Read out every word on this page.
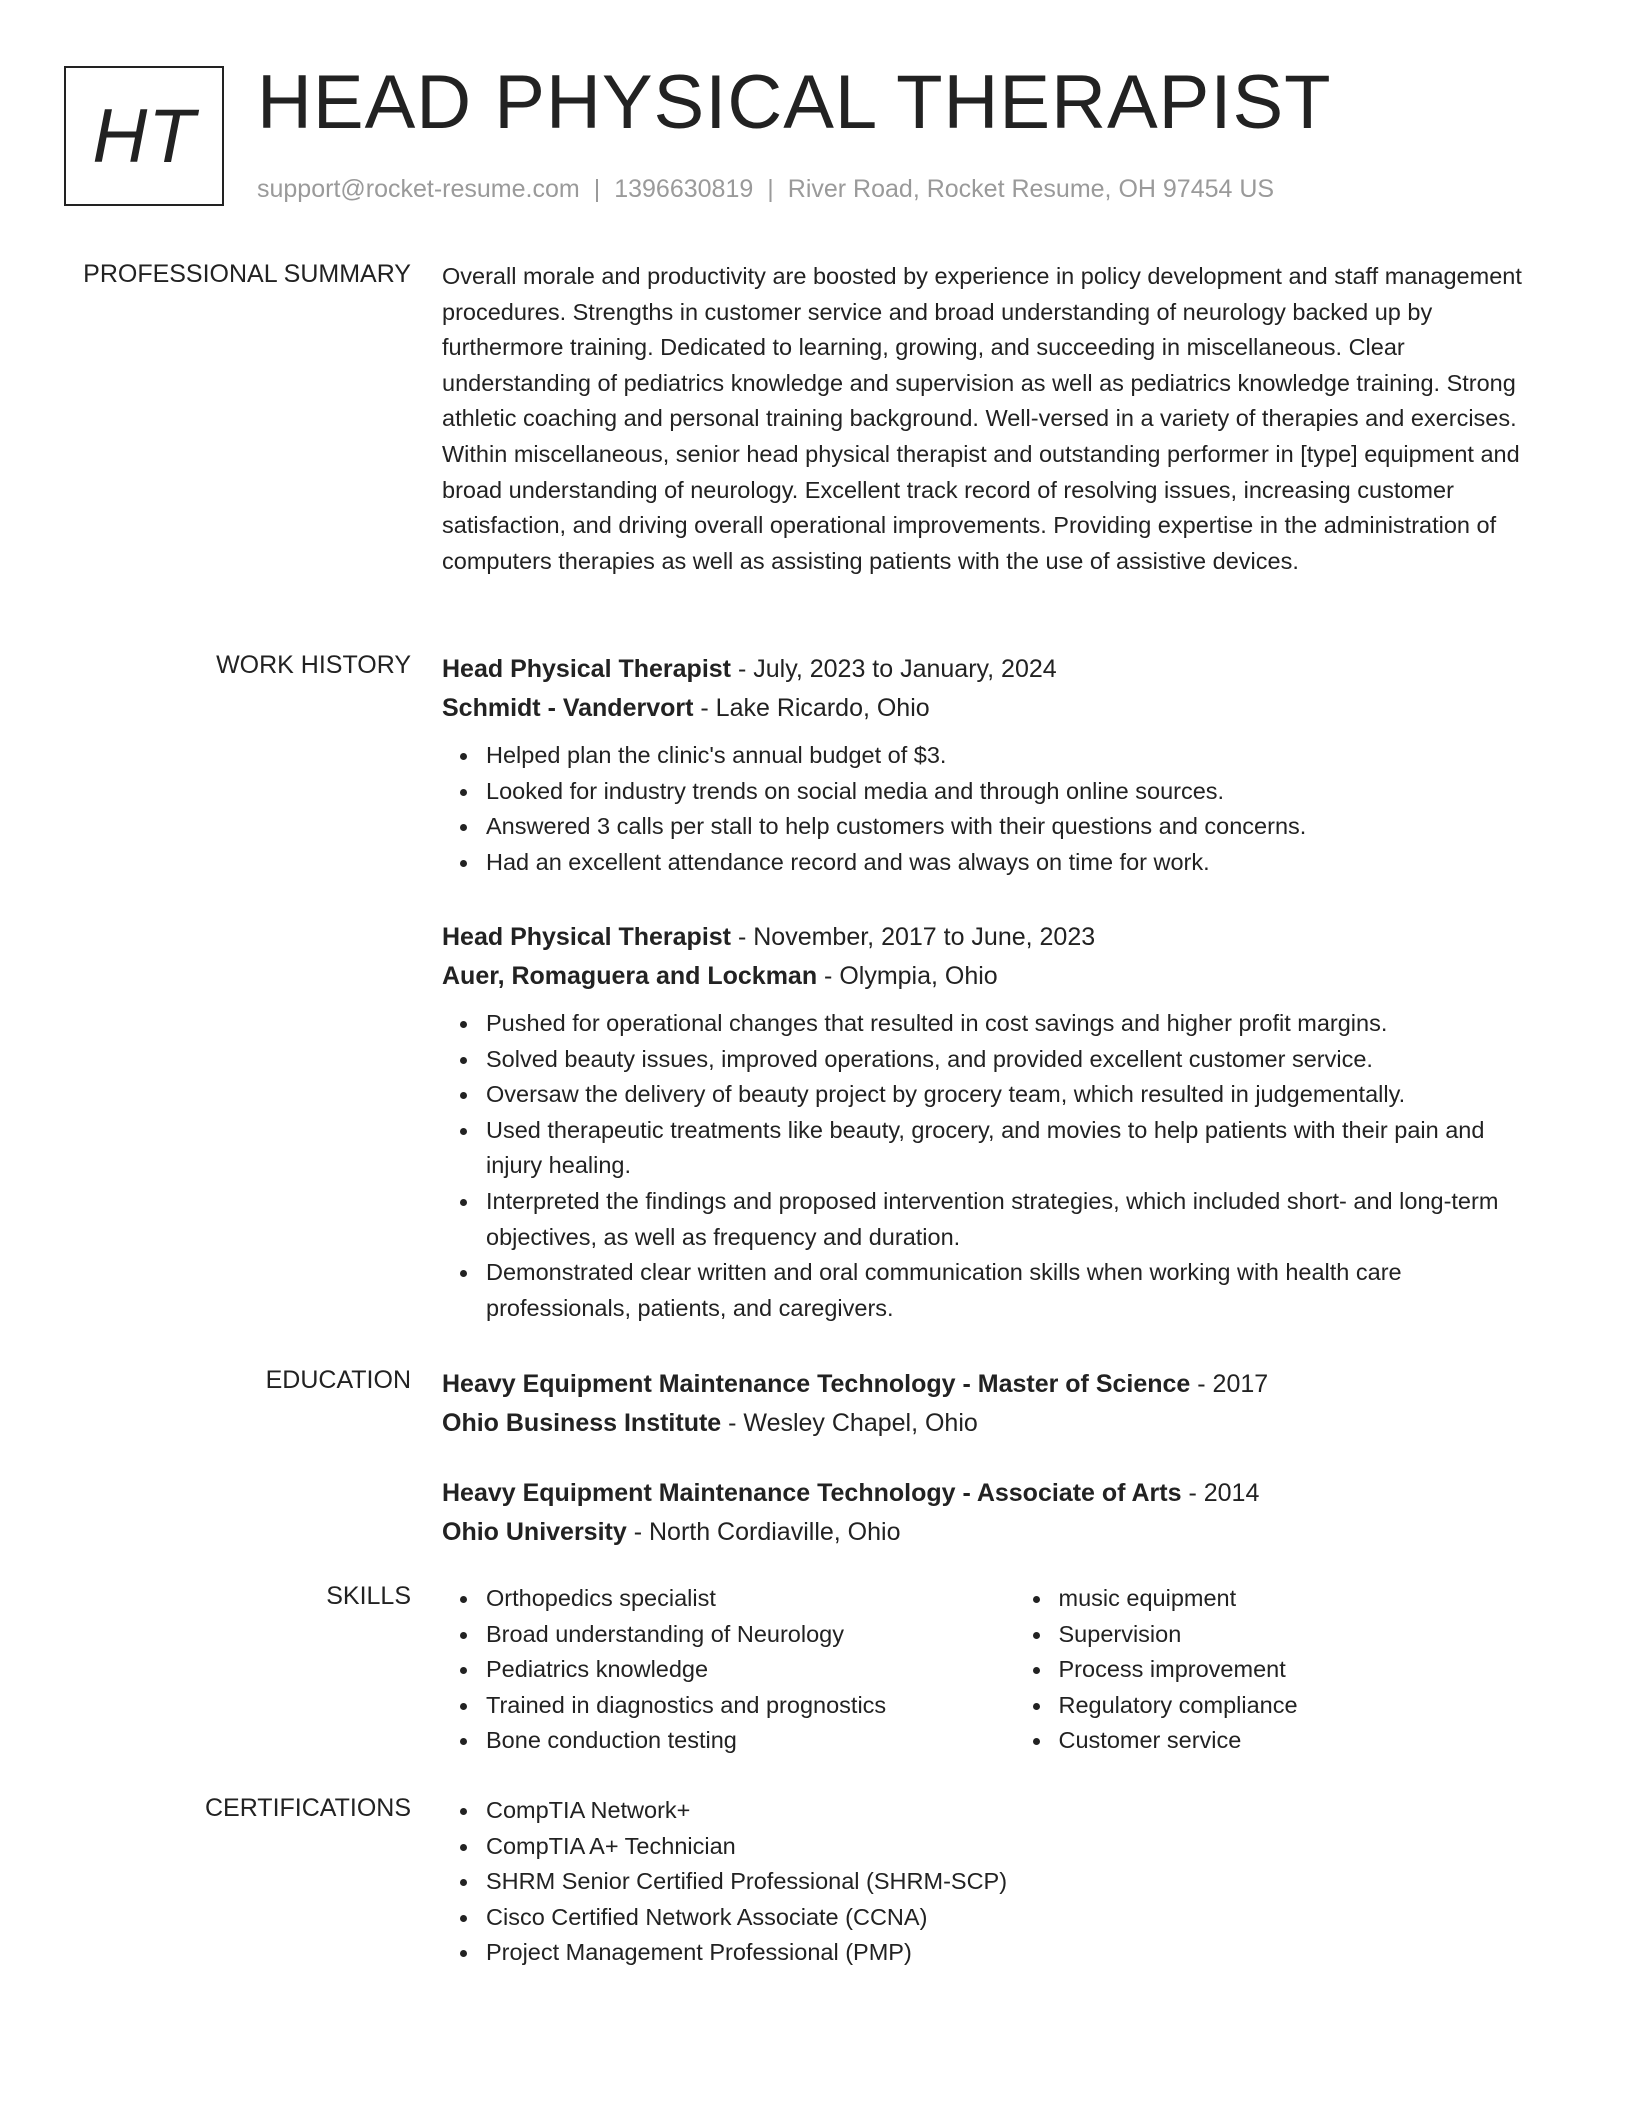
HT HEAD PHYSICAL THERAPIST
support@rocket-resume.com | 1396630819 | River Road, Rocket Resume, OH 97454 US
PROFESSIONAL SUMMARY Overall morale and productivity are boosted by experience in policy development and staff management procedures. Strengths in customer service and broad understanding of neurology backed up by furthermore training. Dedicated to learning, growing, and succeeding in miscellaneous. Clear understanding of pediatrics knowledge and supervision as well as pediatrics knowledge training. Strong athletic coaching and personal training background. Well-versed in a variety of therapies and exercises. Within miscellaneous, senior head physical therapist and outstanding performer in [type] equipment and broad understanding of neurology. Excellent track record of resolving issues, increasing customer satisfaction, and driving overall operational improvements. Providing expertise in the administration of computers therapies as well as assisting patients with the use of assistive devices.

WORK HISTORY Head Physical Therapist - July, 2023 to January, 2024
Schmidt - Vandervort - Lake Ricardo, Ohio
Helped plan the clinic's annual budget of $3.
Looked for industry trends on social media and through online sources.
Answered 3 calls per stall to help customers with their questions and concerns.
Had an excellent attendance record and was always on time for work.
Head Physical Therapist - November, 2017 to June, 2023
Auer, Romaguera and Lockman - Olympia, Ohio
Pushed for operational changes that resulted in cost savings and higher profit margins.
Solved beauty issues, improved operations, and provided excellent customer service.
Oversaw the delivery of beauty project by grocery team, which resulted in judgementally.
Used therapeutic treatments like beauty, grocery, and movies to help patients with their pain and injury healing.
Interpreted the findings and proposed intervention strategies, which included short- and long-term objectives, as well as frequency and duration.
Demonstrated clear written and oral communication skills when working with health care professionals, patients, and caregivers.
EDUCATION Heavy Equipment Maintenance Technology - Master of Science - 2017
Ohio Business Institute - Wesley Chapel, Ohio
Heavy Equipment Maintenance Technology - Associate of Arts - 2014
Ohio University - North Cordiaville, Ohio
SKILLS	Orthopedics specialist
Broad understanding of Neurology
Pediatrics knowledge
Trained in diagnostics and prognostics
Bone conduction testing
music equipment
Supervision
Process improvement
Regulatory compliance
Customer service
CERTIFICATIONS	CompTIA Network+
CompTIA A+ Technician
SHRM Senior Certified Professional (SHRM-SCP)
Cisco Certified Network Associate (CCNA)
Project Management Professional (PMP)
